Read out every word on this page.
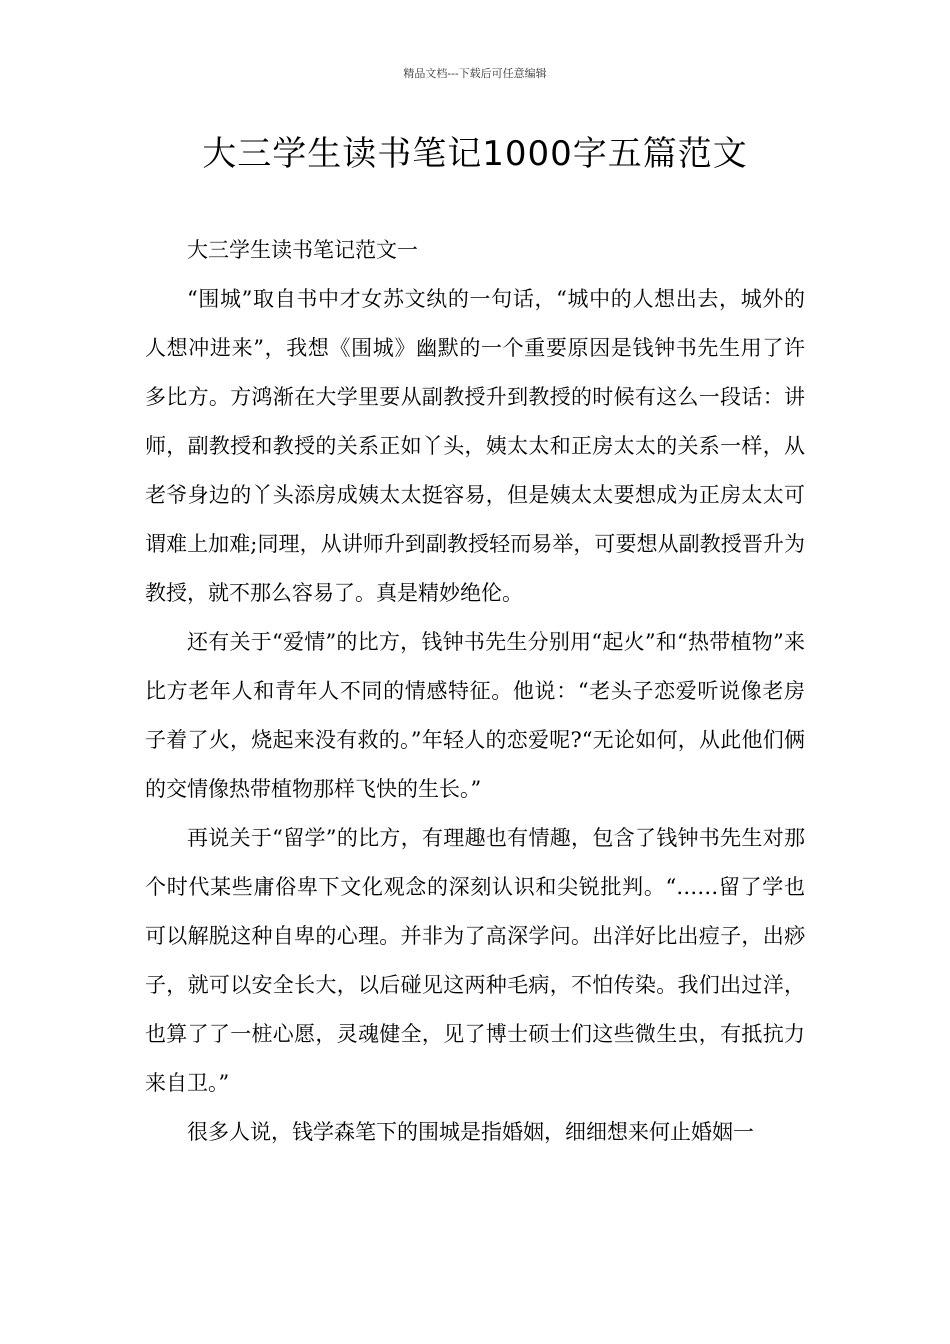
精品文档---下载后可任意编辑
大三学生读书笔记1000字五篇范文

大三学生读书笔记范文一

“围城”取自书中才女苏文纨的一句话，“城中的人想出去，城外的人想冲进来”，我想《围城》幽默的一个重要原因是钱钟书先生用了许多比方。方鸿渐在大学里要从副教授升到教授的时候有这么一段话：讲师，副教授和教授的关系正如丫头，姨太太和正房太太的关系一样，从老爷身边的丫头添房成姨太太挺容易，但是姨太太要想成为正房太太可谓难上加难;同理，从讲师升到副教授轻而易举，可要想从副教授晋升为教授，就不那么容易了。真是精妙绝伦。

还有关于“爱情”的比方，钱钟书先生分别用“起火”和“热带植物”来比方老年人和青年人不同的情感特征。他说：“老头子恋爱听说像老房子着了火，烧起来没有救的。”年轻人的恋爱呢?“无论如何，从此他们俩的交情像热带植物那样飞快的生长。”

再说关于“留学”的比方，有理趣也有情趣，包含了钱钟书先生对那个时代某些庸俗卑下文化观念的深刻认识和尖锐批判。“……留了学也可以解脱这种自卑的心理。并非为了高深学问。出洋好比出痘子，出痧子，就可以安全长大，以后碰见这两种毛病，不怕传染。我们出过洋，也算了了一桩心愿，灵魂健全，见了博士硕士们这些微生虫，有抵抗力来自卫。”

很多人说，钱学森笔下的围城是指婚姻，细细想来何止婚姻一
